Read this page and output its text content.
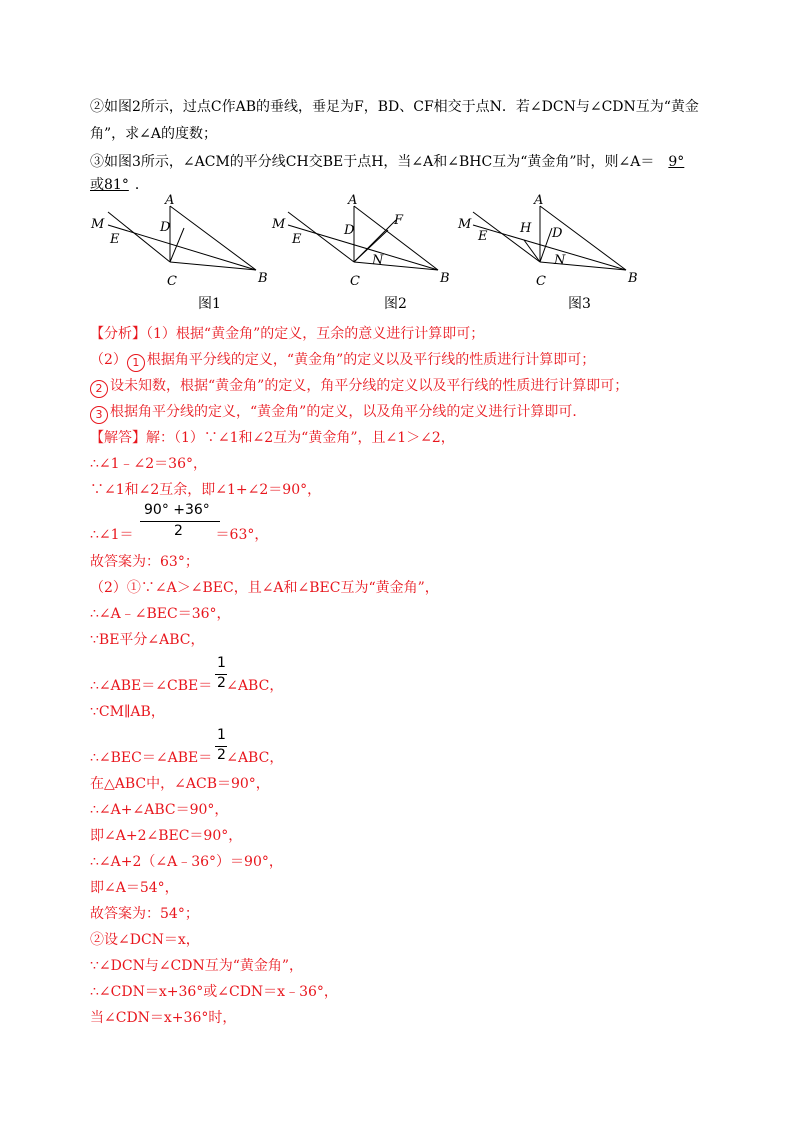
②如图2所示，过点C作AB的垂线，垂足为F，BD、CF相交于点N．若∠DCN与∠CDN互为“黄金
角”，求∠A的度数；
③如图3所示，∠ACM的平分线CH交BE于点H，当∠A和∠BHC互为“黄金角”时，则∠A＝ 9°
或81° ．
M
E
A
D
C	B
图1
M
E
A
D
F
N
C	B
图2
M
E
A
H D
N
C	B
图3
【分析】（1）根据“黄金角”的定义，互余的意义进行计算即可；
（2） 1 根据角平分线的定义，“黄金角”的定义以及平行线的性质进行计算即可；
2 设未知数，根据“黄金角”的定义，角平分线的定义以及平行线的性质进行计算即可；
3 根据角平分线的定义，“黄金角”的定义，以及角平分线的定义进行计算即可．
【解答】解：（1）∵∠1和∠2互为“黄金角”，且∠1＞∠2，
∴∠1﹣∠2＝36°，
∵∠1和∠2互余，即∠1+∠2＝90°，
∴∠1＝	＝63°，
90° +36°
2
故答案为：63°；
（2）①∵∠A＞∠BEC，且∠A和∠BEC互为“黄金角”，
∴∠A﹣∠BEC＝36°，
∵BE平分∠ABC，
∴∠ABE＝∠CBE＝ ∠ABC，
1
2
∵CM∥AB，
∴∠BEC＝∠ABE＝ ∠ABC，
1
2
在△ABC中，∠ACB＝90°，
∴∠A+∠ABC＝90°，
即∠A+2∠BEC＝90°，
∴∠A+2（∠A﹣36°）＝90°，
即∠A＝54°，
故答案为：54°；
②设∠DCN＝x，
∵∠DCN与∠CDN互为“黄金角”，
∴∠CDN＝x+36°或∠CDN＝x﹣36°，
当∠CDN＝x+36°时，
